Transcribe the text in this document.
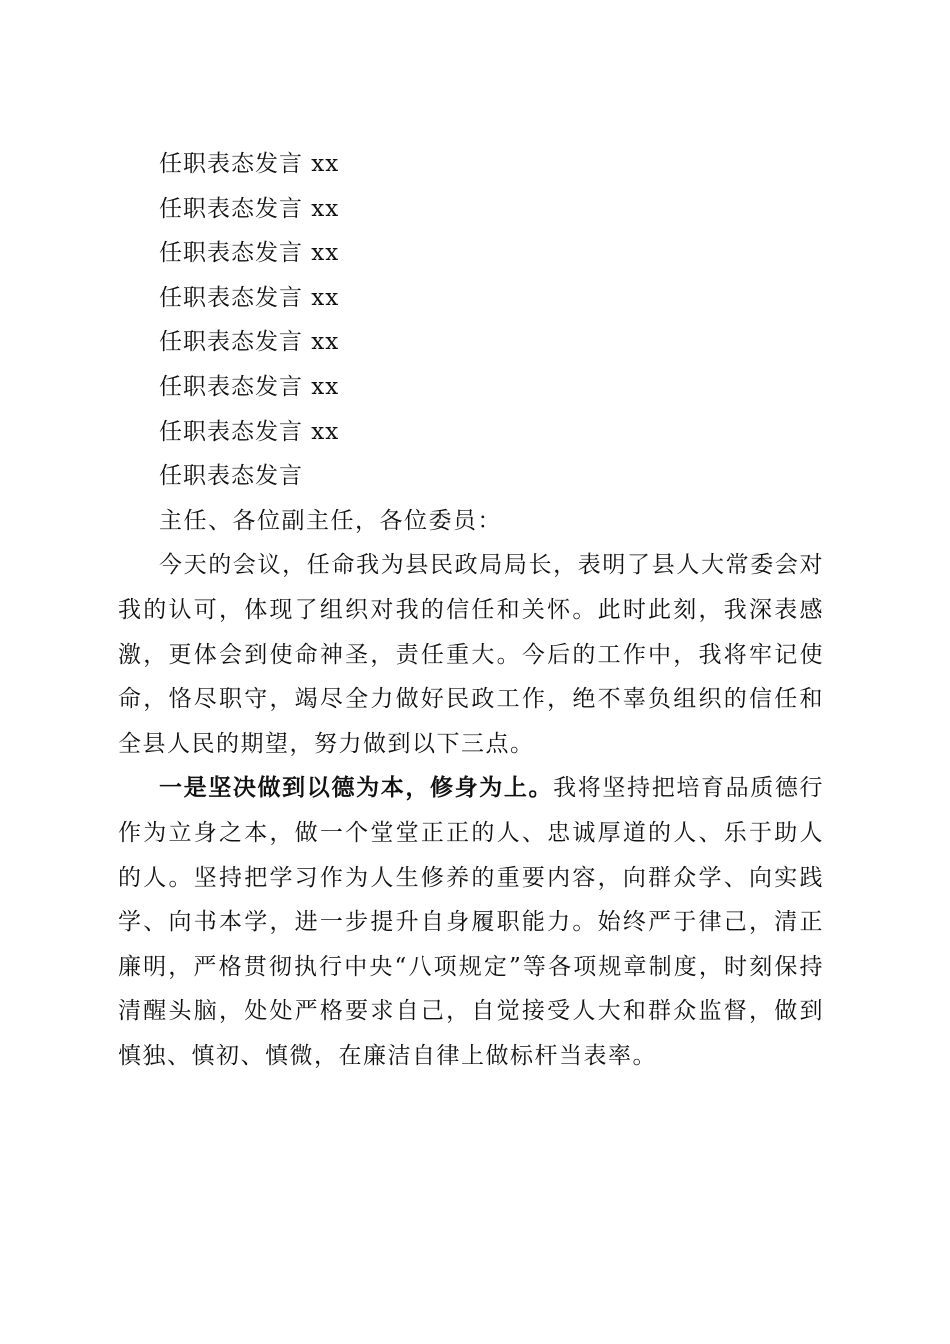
任职表态发言 xx

任职表态发言 xx

任职表态发言 xx

任职表态发言 xx

任职表态发言 xx

任职表态发言 xx

任职表态发言 xx

任职表态发言

主任、各位副主任，各位委员：

今天的会议，任命我为县民政局局长，表明了县人大常委会对我的认可，体现了组织对我的信任和关怀。此时此刻，我深表感激，更体会到使命神圣，责任重大。今后的工作中，我将牢记使命，恪尽职守，竭尽全力做好民政工作，绝不辜负组织的信任和全县人民的期望，努力做到以下三点。

一是坚决做到以德为本，修身为上。我将坚持把培育品质德行作为立身之本，做一个堂堂正正的人、忠诚厚道的人、乐于助人的人。坚持把学习作为人生修养的重要内容，向群众学、向实践学、向书本学，进一步提升自身履职能力。始终严于律己，清正廉明，严格贯彻执行中央“八项规定”等各项规章制度，时刻保持清醒头脑，处处严格要求自己，自觉接受人大和群众监督，做到慎独、慎初、慎微，在廉洁自律上做标杆当表率。
